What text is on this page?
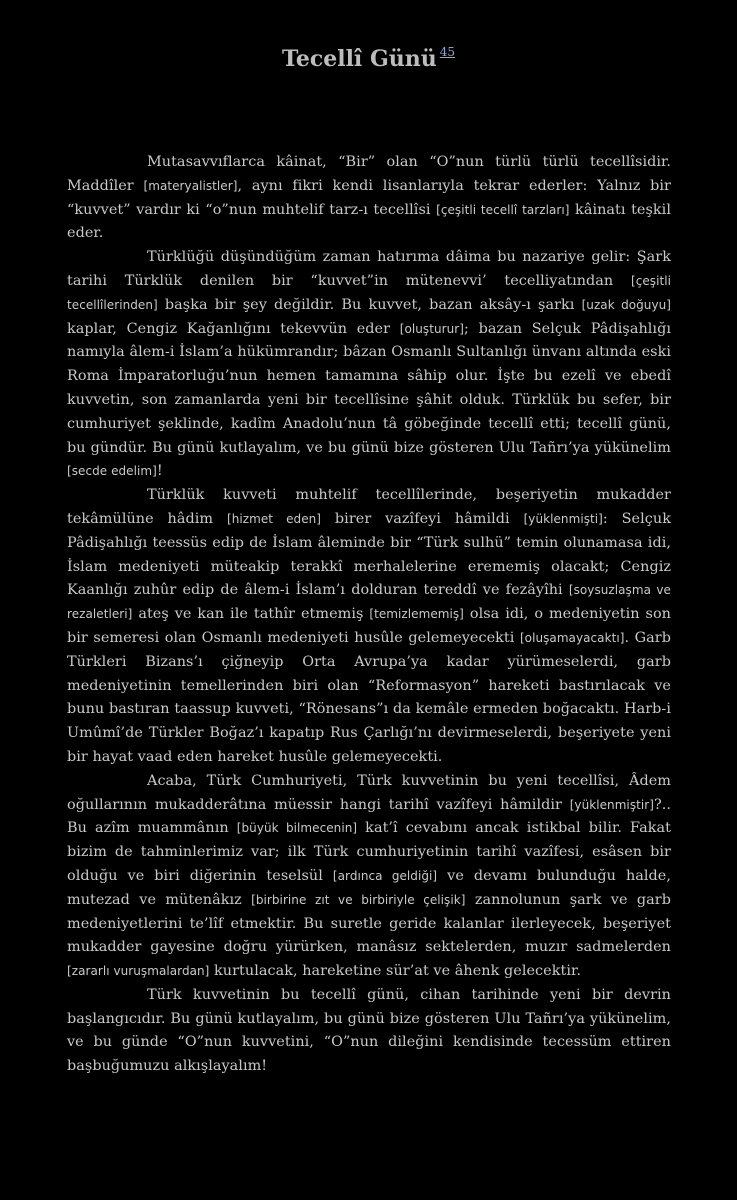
Tecellî Günü $^{45}$

Mutasavvıflarca kâinat, “Bir” olan “O”nun türlü türlü tecellîsidir. Maddîler [materyalistler], aynı fikri kendi lisanlarıyla tekrar ederler: Yalnız bir “kuvvet” vardır ki “o”nun muhtelif tarz-ı tecellîsi [çeşitli tecellî tarzları] kâinatı teşkil eder.

Türklüğü düşündüğüm zaman hatırıma dâima bu nazariye gelir: Şark tarihi Türklük denilen bir “kuvvet”in mütenevvi’ tecelliyatından [çeşitli tecellîlerinden] başka bir şey değildir. Bu kuvvet, bazan aksây-ı şarkı [uzak doğuyu] kaplar, Cengiz Kağanlığını tekevvün eder [oluşturur]; bazan Selçuk Pâdişahlığı namıyla âlem-i İslam’a hükümrandır; bâzan Osmanlı Sultanlığı ünvanı altında eski Roma İmparatorluğu’nun hemen tamamına sâhip olur. İşte bu ezelî ve ebedî kuvvetin, son zamanlarda yeni bir tecellîsine şâhit olduk. Türklük bu sefer, bir cumhuriyet şeklinde, kadîm Anadolu’nun tâ göbeğinde tecellî etti; tecellî günü, bu gündür. Bu günü kutlayalım, ve bu günü bize gösteren Ulu Tañrı’ya yükünelim [secde edelim]!

Türklük kuvveti muhtelif tecellîlerinde, beşeriyetin mukadder tekâmülüne hâdim [hizmet eden] birer vazîfeyi hâmildi [yüklenmişti]: Selçuk Pâdişahlığı teessüs edip de İslam âleminde bir “Türk sulhü” temin olunamasa idi, İslam medeniyeti müteakip terakkî merhalelerine erememiş olacakt; Cengiz Kaanlığı zuhûr edip de âlem-i İslam’ı dolduran tereddî ve fezâyîhi [soysuzlaşma ve rezaletleri] ateş ve kan ile tathîr etmemiş [temizlememiş] olsa idi, o medeniyetin son bir semeresi olan Osmanlı medeniyeti husûle gelemeyecekti [oluşamayacaktı]. Garb Türkleri Bizans’ı çiğneyip Orta Avrupa’ya kadar yürümeselerdi, garb medeniyetinin temellerinden biri olan “Reformasyon” hareketi bastırılacak ve bunu bastıran taassup kuvveti, “Rönesans”ı da kemâle ermeden boğacaktı. Harb-i Umûmî’de Türkler Boğaz’ı kapatıp Rus Çarlığı’nı devirmeselerdi, beşeriyete yeni bir hayat vaad eden hareket husûle gelemeyecekti.

Acaba, Türk Cumhuriyeti, Türk kuvvetinin bu yeni tecellîsi, Âdem oğullarının mukadderâtına müessir hangi tarihî vazîfeyi hâmildir [yüklenmiştir]?.. Bu azîm muammânın [büyük bilmecenin] kat’î cevabını ancak istikbal bilir. Fakat bizim de tahminlerimiz var; ilk Türk cumhuriyetinin tarihî vazîfesi, esâsen bir olduğu ve biri diğerinin teselsül [ardınca geldiği] ve devamı bulunduğu halde, mutezad ve mütenâkız [birbirine zıt ve birbiriyle çelişik] zannolunun şark ve garb medeniyetlerini te’lîf etmektir. Bu suretle geride kalanlar ilerleyecek, beşeriyet mukadder gayesine doğru yürürken, manâsız sektelerden, muzır sadmelerden [zararlı vuruşmalardan] kurtulacak, hareketine sür’at ve âhenk gelecektir.

Türk kuvvetinin bu tecellî günü, cihan tarihinde yeni bir devrin başlangıcıdır. Bu günü kutlayalım, bu günü bize gösteren Ulu Tañrı’ya yükünelim, ve bu günde “O”nun kuvvetini, “O”nun dileğini kendisinde tecessüm ettiren başbuğumuzu alkışlayalım!
